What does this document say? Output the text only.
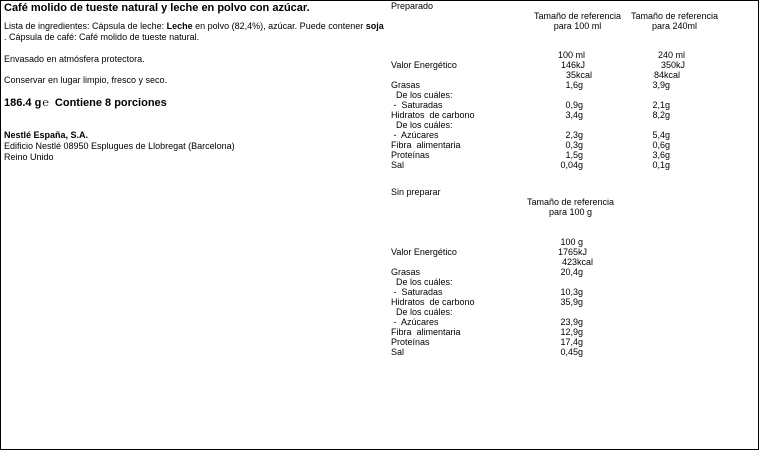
Café molido de tueste natural y leche en polvo con azúcar.
Lista de ingredientes: Cápsula de leche: Leche en polvo (82,4%), azúcar. Puede contener soja
. Cápsula de café: Café molido de tueste natural.
Envasado en atmósfera protectora.
Conservar en lugar limpio, fresco y seco.
186.4 g℮ Contiene 8 porciones
Nestlé España, S.A.
Edificio Nestlé 08950 Esplugues de Llobregat (Barcelona)
Reino Unido
Preparado
Tamaño de referencia
para 100 ml
Tamaño de referencia
para 240ml
100 ml	240 ml
Valor Energético	146kJ	350kJ
35kcal	84kcal
Grasas	1,6g	3,9g
De los cuáles:
-  Saturadas	0,9g	2,1g
Hidratos  de carbono	3,4g	8,2g
De los cuáles:
-  Azúcares	2,3g	5,4g
Fibra  alimentaria	0,3g	0,6g
Proteínas	1,5g	3,6g
Sal	0,04g	0,1g
Sin preparar
Tamaño de referencia
para 100 g
100 g
Valor Energético	1765kJ
423kcal
Grasas	20,4g
De los cuáles:
-  Saturadas	10,3g
Hidratos  de carbono	35,9g
De los cuáles:
-  Azúcares	23,9g
Fibra  alimentaria	12,9g
Proteínas	17,4g
Sal	0,45g
